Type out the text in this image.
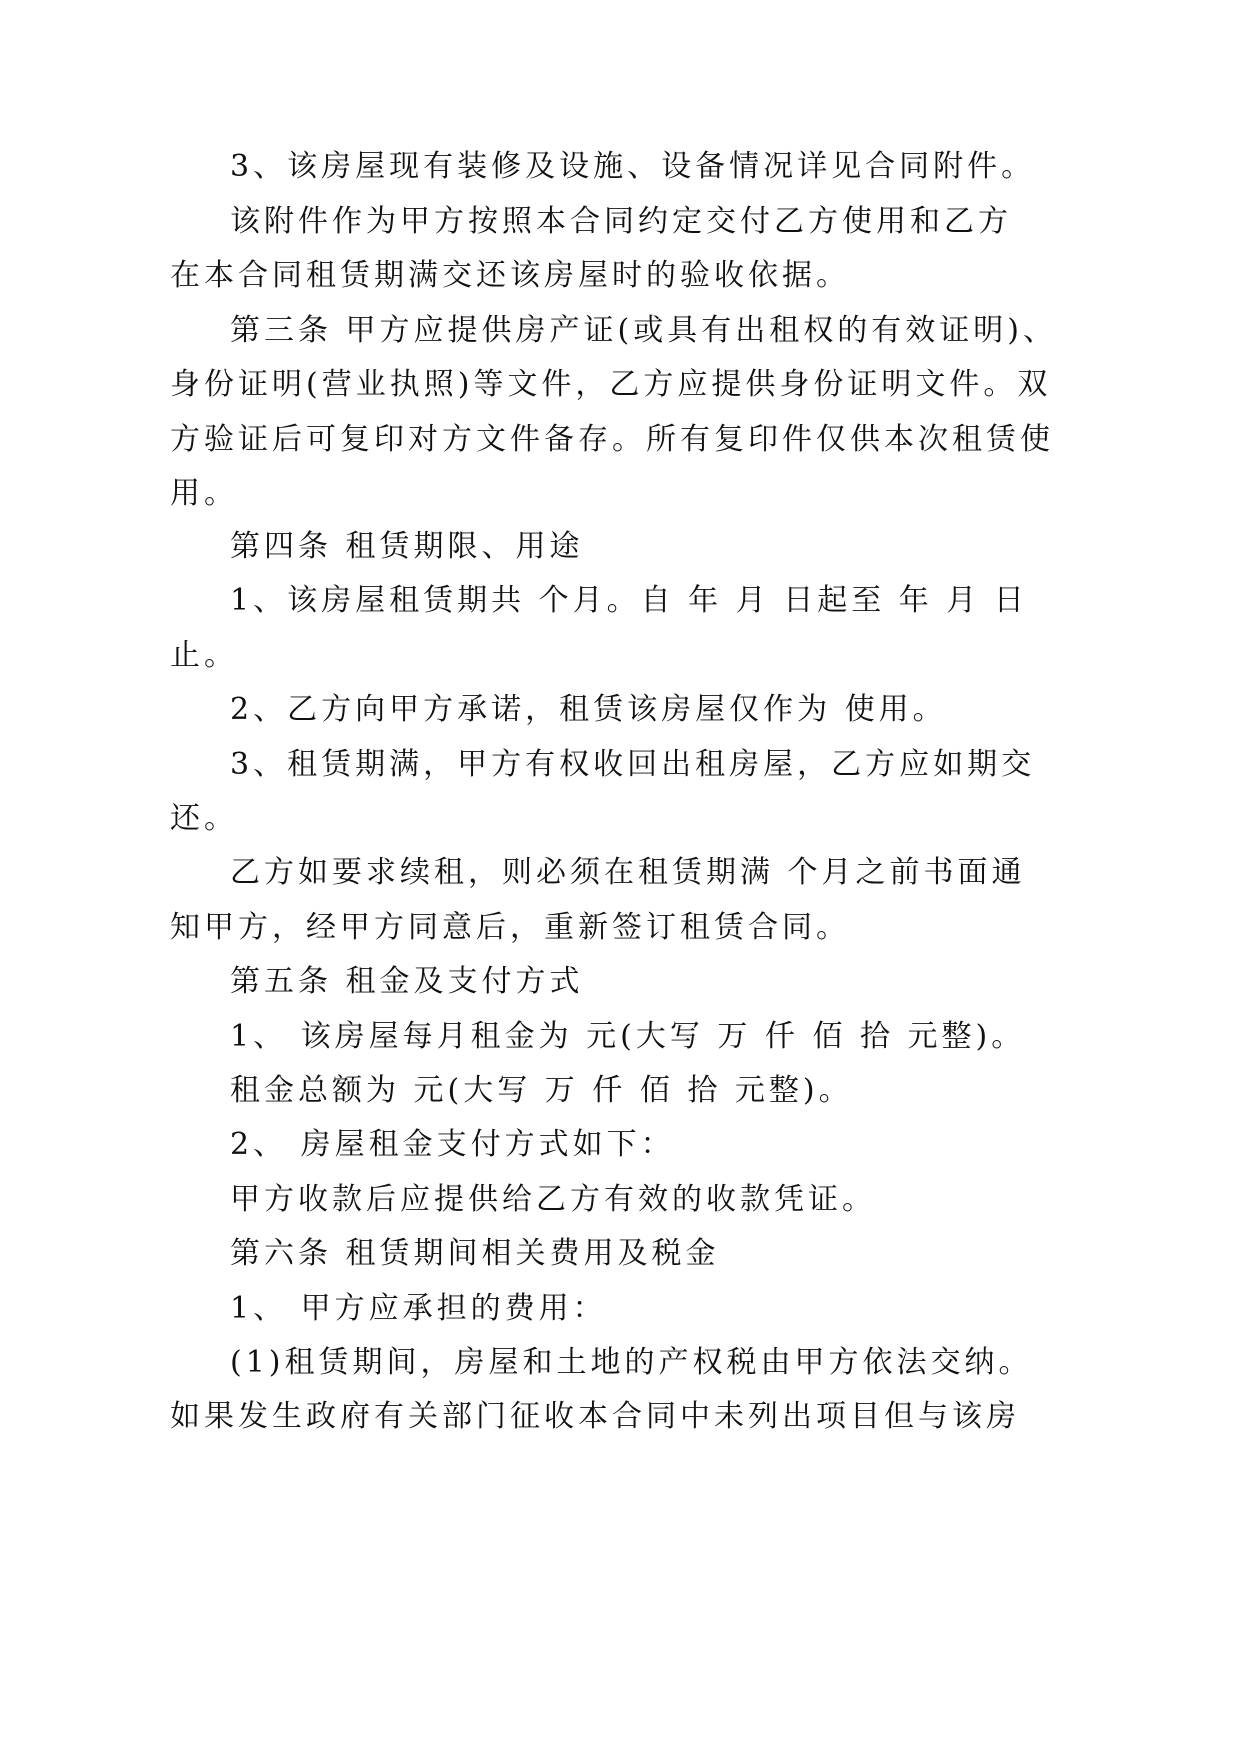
3、该房屋现有装修及设施、设备情况详见合同附件。
该附件作为甲方按照本合同约定交付乙方使用和乙方
在本合同租赁期满交还该房屋时的验收依据。
第三条 甲方应提供房产证(或具有出租权的有效证明)、
身份证明(营业执照)等文件，乙方应提供身份证明文件。双
方验证后可复印对方文件备存。所有复印件仅供本次租赁使
用。
第四条 租赁期限、用途
1、该房屋租赁期共 个月。自 年 月 日起至 年 月 日
止。
2、乙方向甲方承诺，租赁该房屋仅作为 使用。
3、租赁期满，甲方有权收回出租房屋，乙方应如期交
还。
乙方如要求续租，则必须在租赁期满 个月之前书面通
知甲方，经甲方同意后，重新签订租赁合同。
第五条 租金及支付方式
1、 该房屋每月租金为 元(大写 万 仟 佰 拾 元整)。
租金总额为 元(大写 万 仟 佰 拾 元整)。
2、 房屋租金支付方式如下：
甲方收款后应提供给乙方有效的收款凭证。
第六条 租赁期间相关费用及税金
1、 甲方应承担的费用：
(1)租赁期间，房屋和土地的产权税由甲方依法交纳。
如果发生政府有关部门征收本合同中未列出项目但与该房
